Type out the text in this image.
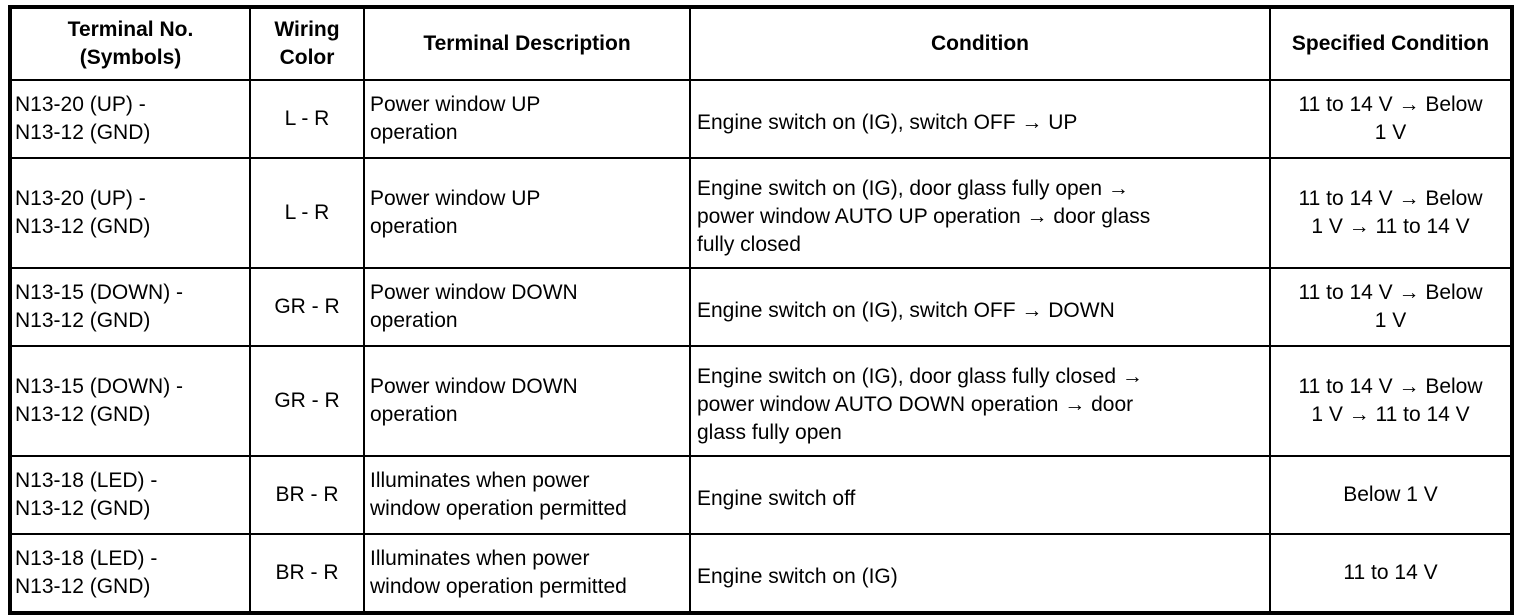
Terminal No.
(Symbols)	Wiring
Color	Terminal Description	Condition	Specified Condition

N13-20 (UP) -
N13-12 (GND)	L - R	Power window UP
operation	Engine switch on (IG), switch OFF → UP	11 to 14 V → Below
1 V

N13-20 (UP) -
N13-12 (GND)	L - R	Power window UP
operation	Engine switch on (IG), door glass fully open →
power window AUTO UP operation → door glass
fully closed	11 to 14 V → Below
1 V → 11 to 14 V

N13-15 (DOWN) -
N13-12 (GND)	GR - R	Power window DOWN
operation	Engine switch on (IG), switch OFF → DOWN	11 to 14 V → Below
1 V

N13-15 (DOWN) -
N13-12 (GND)	GR - R	Power window DOWN
operation	Engine switch on (IG), door glass fully closed →
power window AUTO DOWN operation → door
glass fully open	11 to 14 V → Below
1 V → 11 to 14 V

N13-18 (LED) -
N13-12 (GND)	BR - R	Illuminates when power
window operation permitted	Engine switch off	Below 1 V

N13-18 (LED) -
N13-12 (GND)	BR - R	Illuminates when power
window operation permitted	Engine switch on (IG)	11 to 14 V
